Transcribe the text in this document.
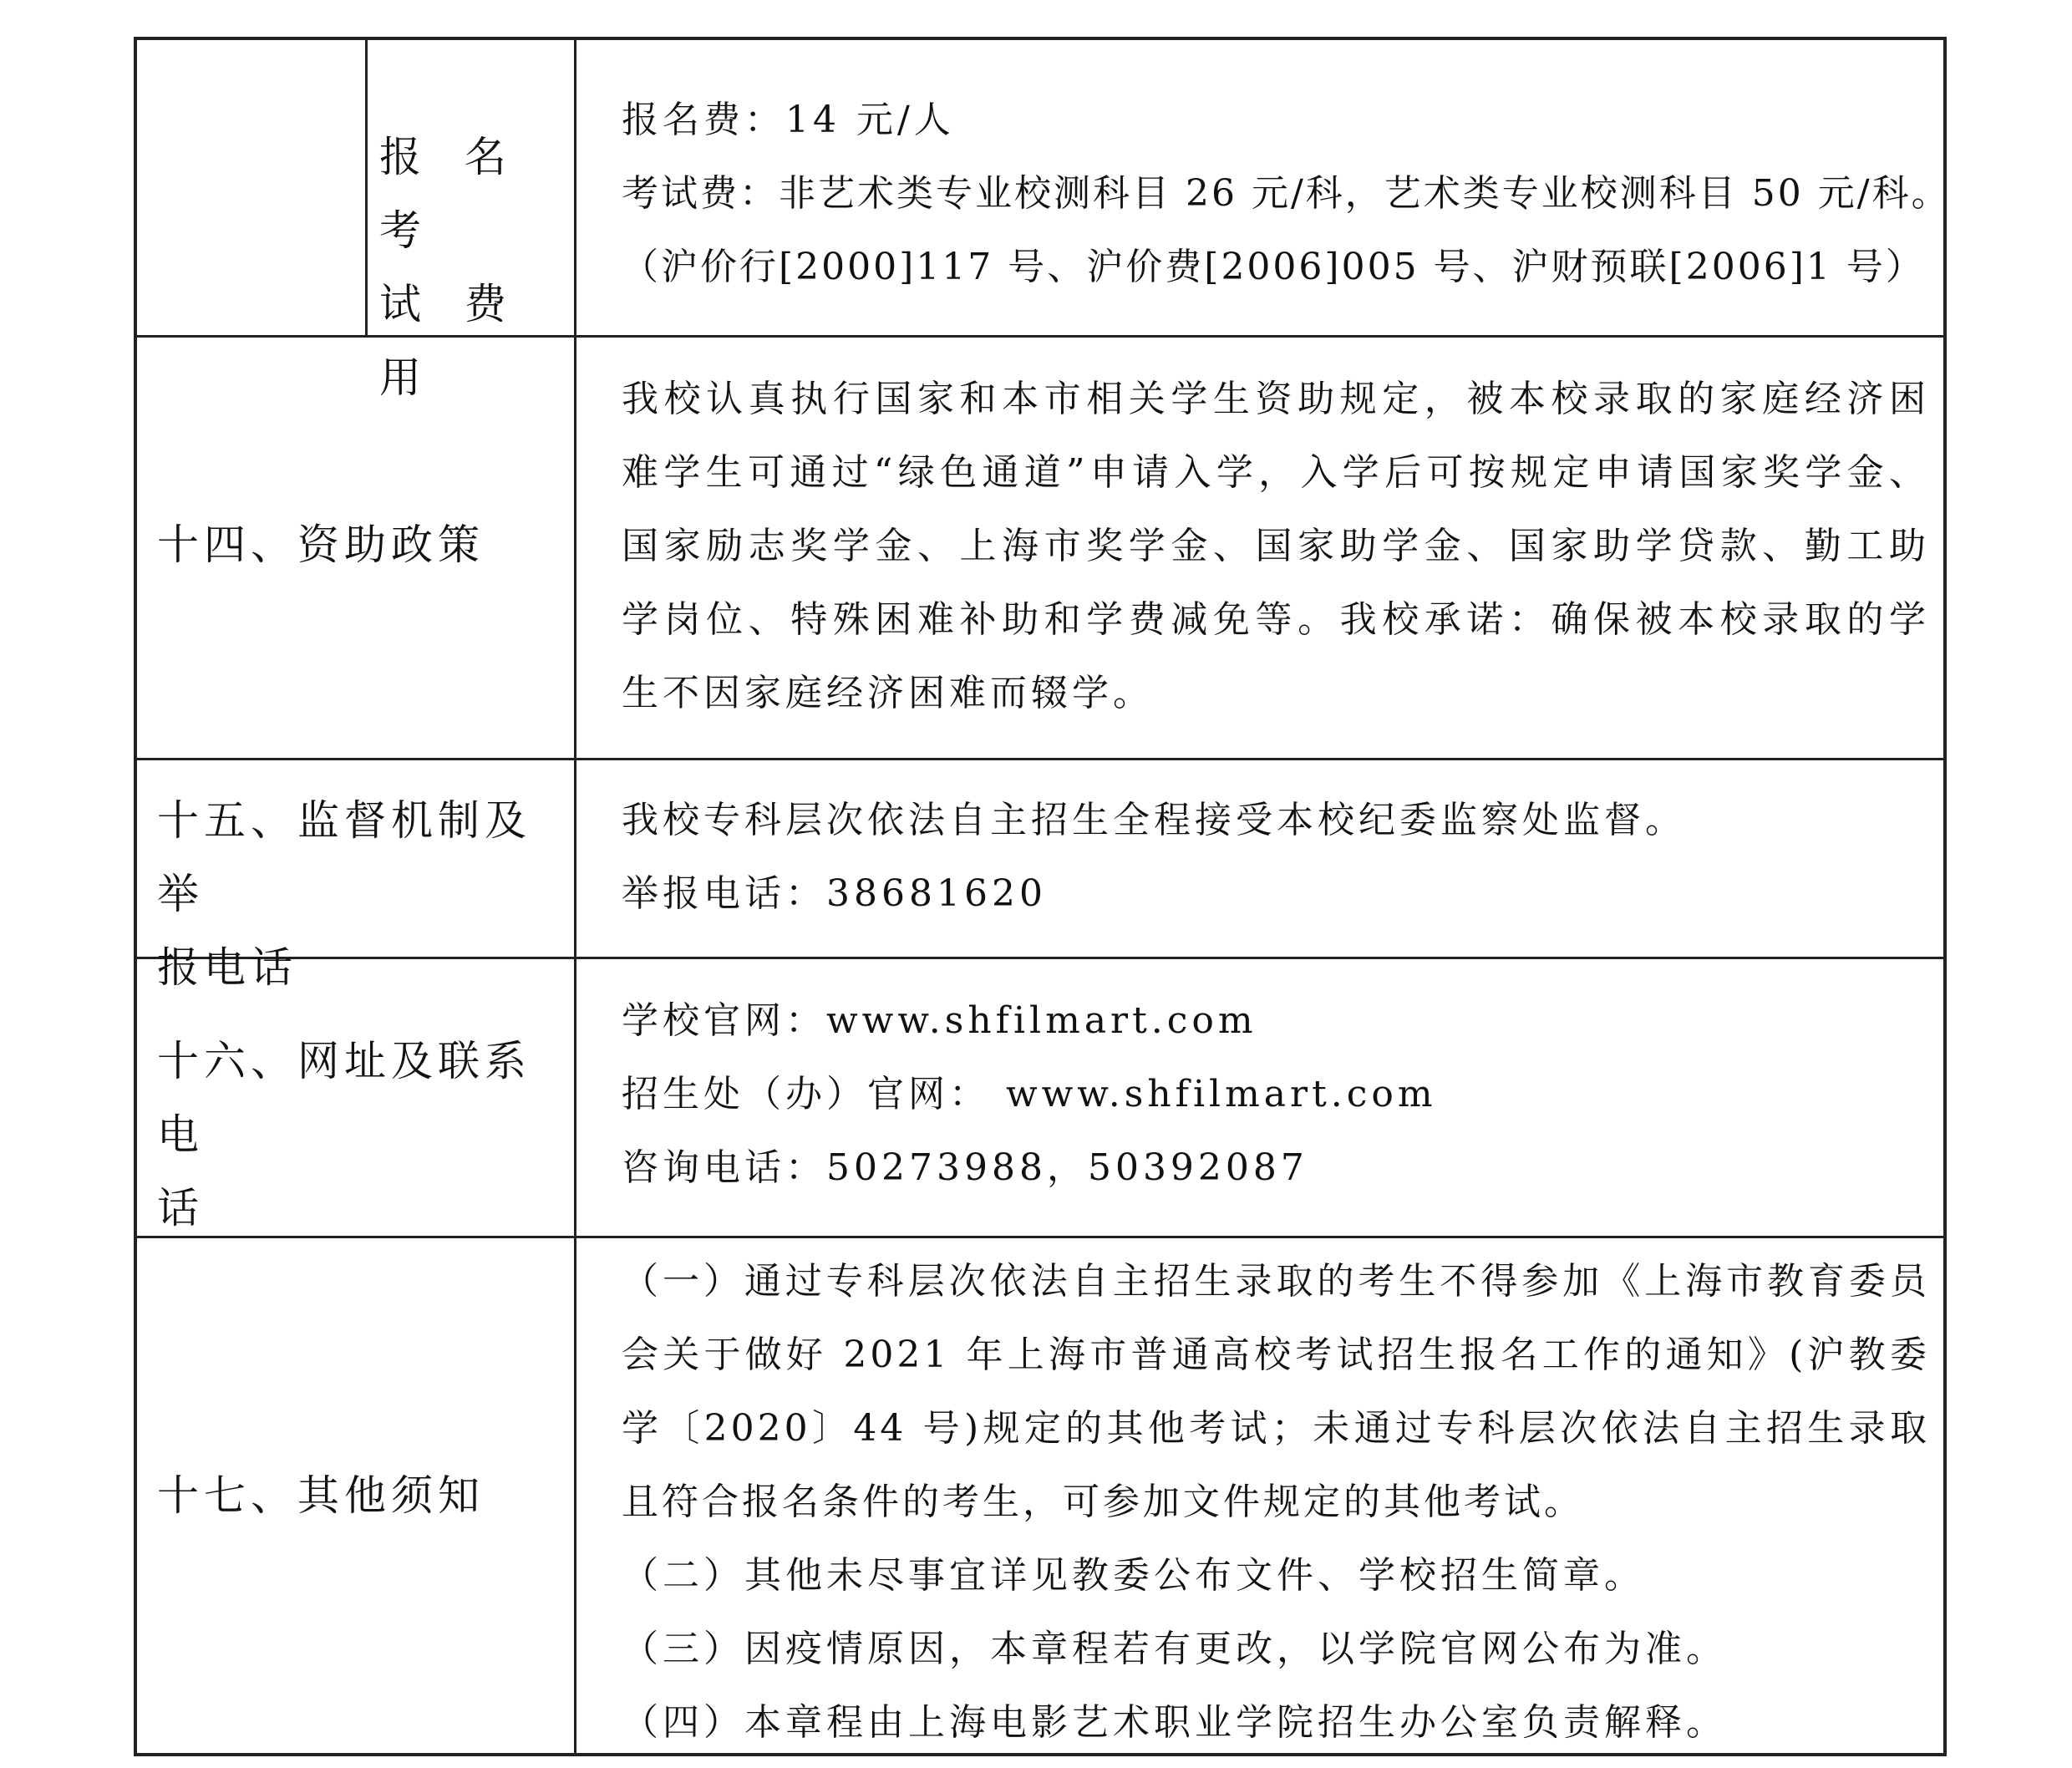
报 名 考
试 费 用

报名费：14 元/人

考试费：非艺术类专业校测科目 26 元/科，艺术类专业校测科目 50 元/科。

（沪价行[2000]117 号、沪价费[2006]005 号、沪财预联[2006]1 号）

十四、资助政策

我校认真执行国家和本市相关学生资助规定，被本校录取的家庭经济困难学生可通过“绿色通道”申请入学，入学后可按规定申请国家奖学金、国家励志奖学金、上海市奖学金、国家助学金、国家助学贷款、勤工助学岗位、特殊困难补助和学费减免等。我校承诺：确保被本校录取的学生不因家庭经济困难而辍学。

十五、监督机制及举
报电话

我校专科层次依法自主招生全程接受本校纪委监察处监督。

举报电话：38681620

十六、网址及联系电
话

学校官网：www.shfilmart.com

招生处（办）官网： www.shfilmart.com

咨询电话：50273988，50392087

十七、其他须知

（一）通过专科层次依法自主招生录取的考生不得参加《上海市教育委员会关于做好 2021 年上海市普通高校考试招生报名工作的通知》(沪教委学〔2020〕44 号)规定的其他考试；未通过专科层次依法自主招生录取且符合报名条件的考生，可参加文件规定的其他考试。

（二）其他未尽事宜详见教委公布文件、学校招生简章。

（三）因疫情原因，本章程若有更改，以学院官网公布为准。

（四）本章程由上海电影艺术职业学院招生办公室负责解释。
